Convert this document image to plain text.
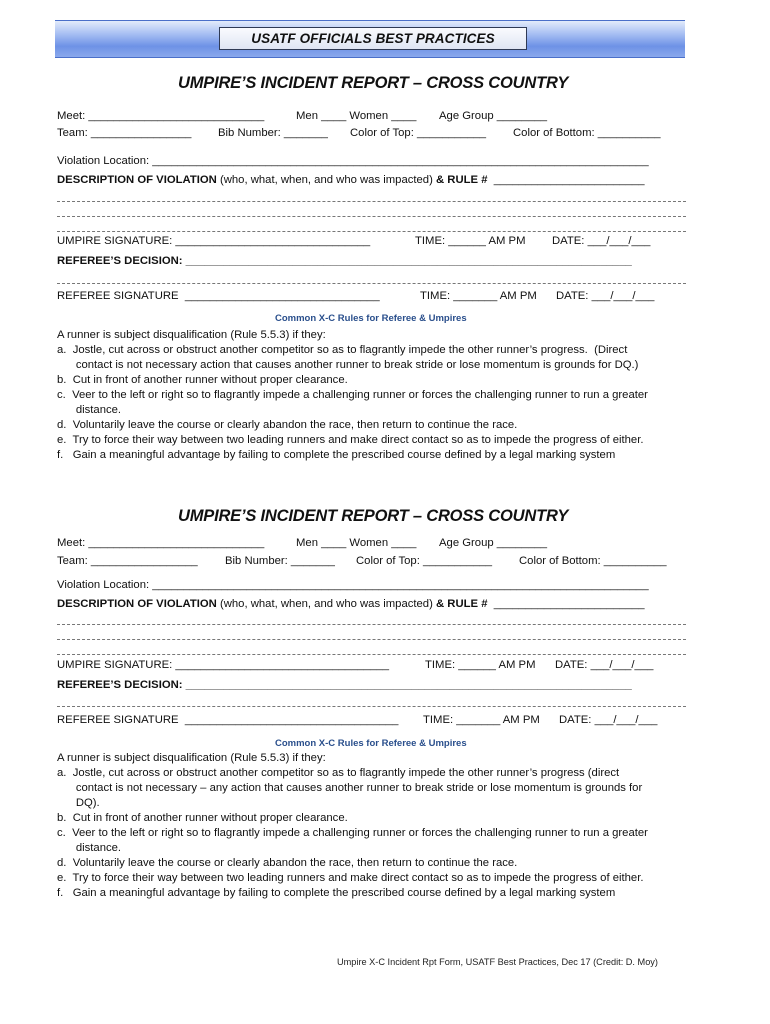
USATF OFFICIALS BEST PRACTICES
UMPIRE’S INCIDENT REPORT – CROSS COUNTRY
Meet: ____________________________	Men ____ Women ____ Age Group ________
Team: ________________ Bib Number: _______ Color of Top: ___________ Color of Bottom: __________
Violation Location: _______________________________________________________________________________
DESCRIPTION OF VIOLATION (who, what, when, and who was impacted) & RULE #  ________________________
UMPIRE SIGNATURE: _______________________________	TIME: ______ AM PM DATE: ___/___/___
REFEREE’S DECISION: _______________________________________________________________________
REFEREE SIGNATURE  _______________________________	TIME: _______ AM PM DATE: ___/___/___
Common X-C Rules for Referee & Umpires
A runner is subject disqualification (Rule 5.5.3) if they:
a.  Jostle, cut across or obstruct another competitor so as to flagrantly impede the other runner’s progress.  (Direct
contact is not necessary action that causes another runner to break stride or lose momentum is grounds for DQ.)
b.  Cut in front of another runner without proper clearance.
c.  Veer to the left or right so to flagrantly impede a challenging runner or forces the challenging runner to run a greater
distance.
d.  Voluntarily leave the course or clearly abandon the race, then return to continue the race.
e.  Try to force their way between two leading runners and make direct contact so as to impede the progress of either.
f.   Gain a meaningful advantage by failing to complete the prescribed course defined by a legal marking system
UMPIRE’S INCIDENT REPORT – CROSS COUNTRY
Meet: ____________________________	Men ____ Women ____ Age Group ________
Team: _________________ Bib Number: _______ Color of Top: ___________ Color of Bottom: __________
Violation Location: _______________________________________________________________________________
DESCRIPTION OF VIOLATION (who, what, when, and who was impacted) & RULE #  ________________________
UMPIRE SIGNATURE: __________________________________	TIME: ______ AM PM DATE: ___/___/___
REFEREE’S DECISION: _______________________________________________________________________
REFEREE SIGNATURE  __________________________________ TIME: _______ AM PM DATE: ___/___/___
Common X-C Rules for Referee & Umpires
A runner is subject disqualification (Rule 5.5.3) if they:
a.  Jostle, cut across or obstruct another competitor so as to flagrantly impede the other runner’s progress (direct
contact is not necessary – any action that causes another runner to break stride or lose momentum is grounds for
DQ).
b.  Cut in front of another runner without proper clearance.
c.  Veer to the left or right so to flagrantly impede a challenging runner or forces the challenging runner to run a greater
distance.
d.  Voluntarily leave the course or clearly abandon the race, then return to continue the race.
e.  Try to force their way between two leading runners and make direct contact so as to impede the progress of either.
f.   Gain a meaningful advantage by failing to complete the prescribed course defined by a legal marking system
Umpire X-C Incident Rpt Form, USATF Best Practices, Dec 17 (Credit: D. Moy)
